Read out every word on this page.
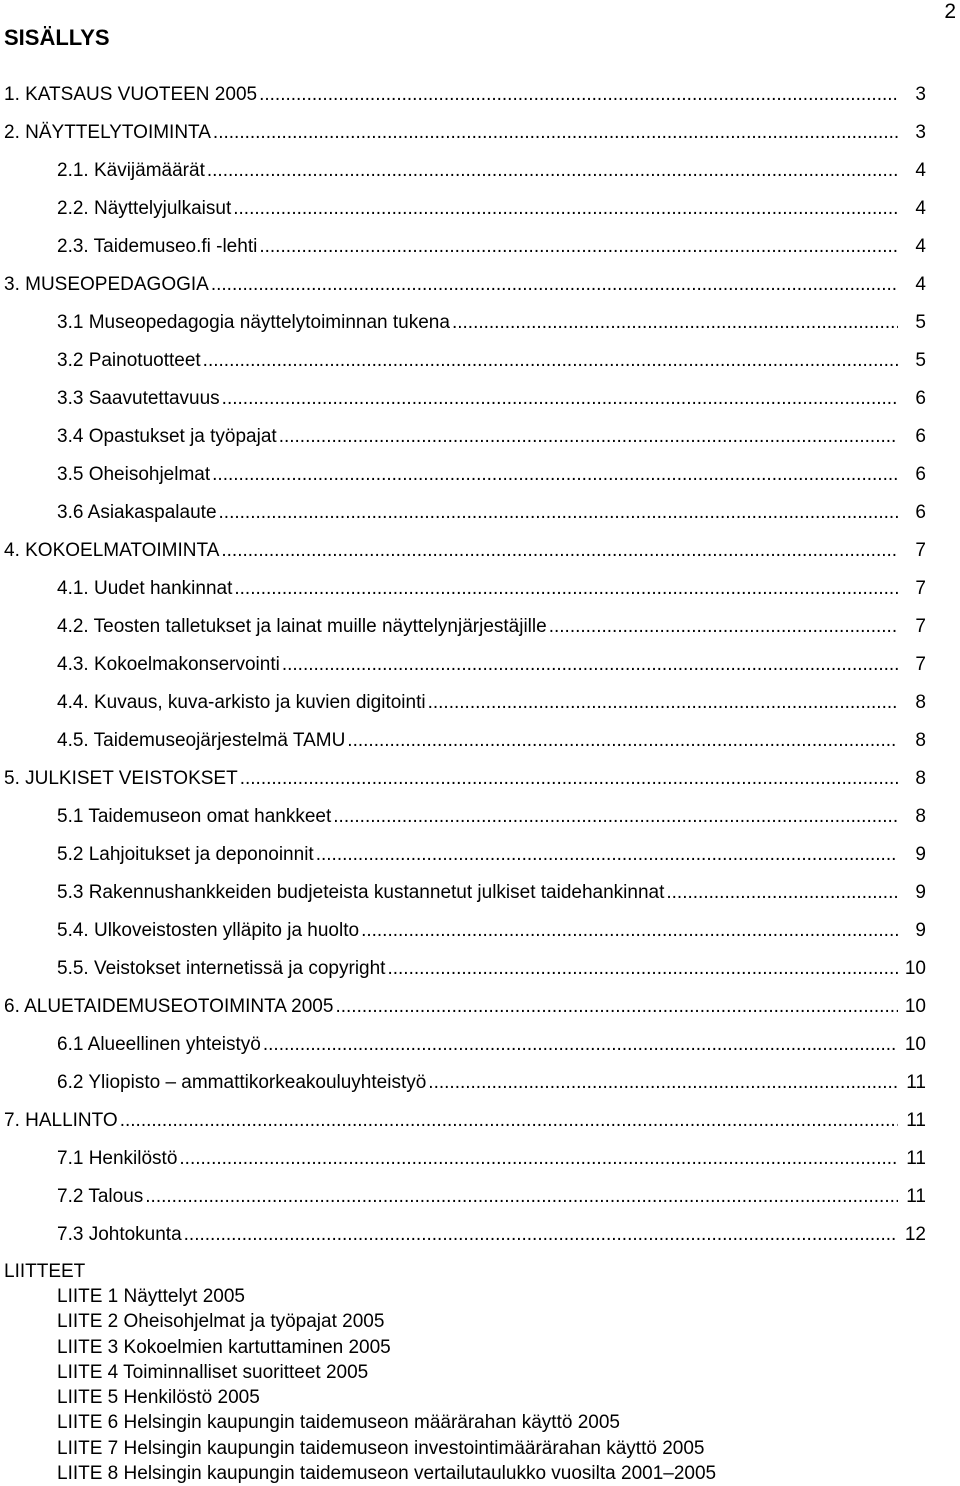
2
SISÄLLYS
1. KATSAUS VUOTEEN 2005 .....	3
2. NÄYTTELYTOIMINTA .....	3
2.1. Kävijämäärät .....	4
2.2. Näyttelyjulkaisut .....	4
2.3. Taidemuseo.fi -lehti .....	4
3. MUSEOPEDAGOGIA .....	4
3.1 Museopedagogia näyttelytoiminnan tukena .....	5
3.2 Painotuotteet .....	5
3.3 Saavutettavuus .....	6
3.4 Opastukset ja työpajat .....	6
3.5 Oheisohjelmat .....	6
3.6 Asiakaspalaute .....	6
4. KOKOELMATOIMINTA .....	7
4.1. Uudet hankinnat .....	7
4.2. Teosten talletukset ja lainat muille näyttelynjärjestäjille .....	7
4.3. Kokoelmakonservointi .....	7
4.4. Kuvaus, kuva-arkisto ja kuvien digitointi .....	8
4.5. Taidemuseojärjestelmä TAMU .....	8
5. JULKISET VEISTOKSET .....	8
5.1 Taidemuseon omat hankkeet .....	8
5.2 Lahjoitukset ja deponoinnit .....	9
5.3 Rakennushankkeiden budjeteista kustannetut julkiset taidehankinnat .....	9
5.4. Ulkoveistosten ylläpito ja huolto .....	9
5.5. Veistokset internetissä ja copyright .....	10
6. ALUETAIDEMUSEOTOIMINTA 2005 .....	10
6.1 Alueellinen yhteistyö .....	10
6.2 Yliopisto – ammattikorkeakouluyhteistyö .....	11
7. HALLINTO .....	11
7.1 Henkilöstö .....	11
7.2 Talous .....	11
7.3 Johtokunta .....	12
LIITTEET
LIITE 1 Näyttelyt 2005
LIITE 2 Oheisohjelmat ja työpajat 2005
LIITE 3 Kokoelmien kartuttaminen 2005
LIITE 4 Toiminnalliset suoritteet 2005
LIITE 5 Henkilöstö 2005
LIITE 6 Helsingin kaupungin taidemuseon määrärahan käyttö 2005
LIITE 7 Helsingin kaupungin taidemuseon investointimäärärahan käyttö 2005
LIITE 8 Helsingin kaupungin taidemuseon vertailutaulukko vuosilta 2001–2005
